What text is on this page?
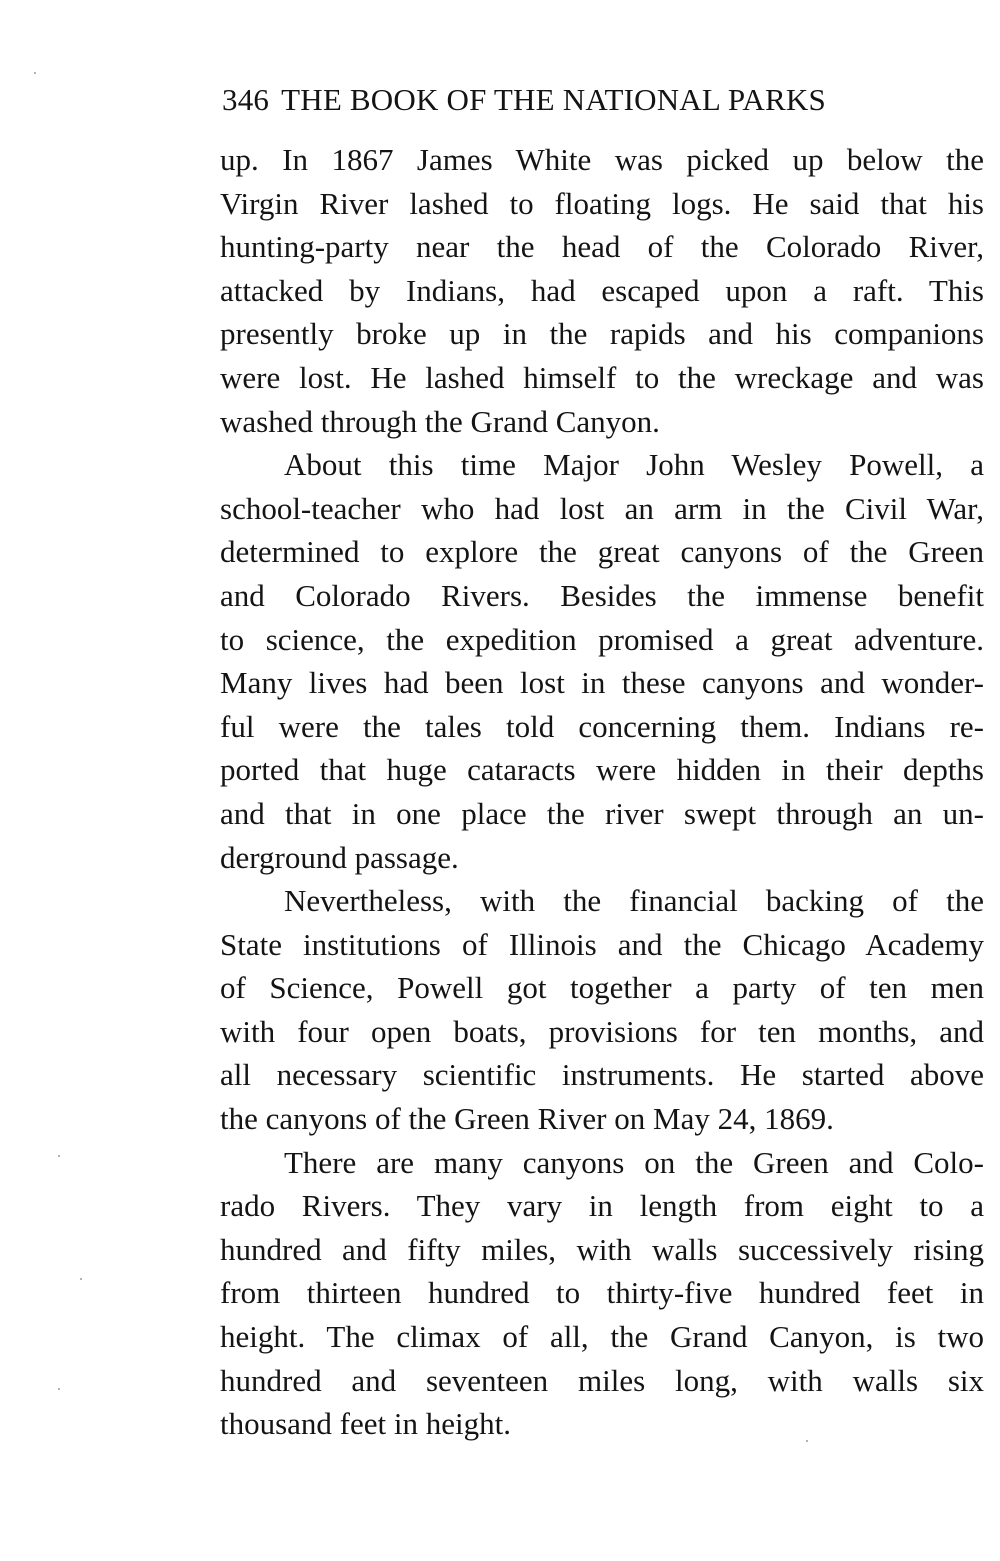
346 THE BOOK OF THE NATIONAL PARKS
up. In 1867 James White was picked up below the
Virgin River lashed to floating logs. He said that his
hunting-party near the head of the Colorado River,
attacked by Indians, had escaped upon a raft. This
presently broke up in the rapids and his companions
were lost. He lashed himself to the wreckage and was
washed through the Grand Canyon.
About this time Major John Wesley Powell, a
school-teacher who had lost an arm in the Civil War,
determined to explore the great canyons of the Green
and Colorado Rivers. Besides the immense benefit
to science, the expedition promised a great adventure.
Many lives had been lost in these canyons and wonder-
ful were the tales told concerning them. Indians re-
ported that huge cataracts were hidden in their depths
and that in one place the river swept through an un-
derground passage.
Nevertheless, with the financial backing of the
State institutions of Illinois and the Chicago Academy
of Science, Powell got together a party of ten men
with four open boats, provisions for ten months, and
all necessary scientific instruments. He started above
the canyons of the Green River on May 24, 1869.
There are many canyons on the Green and Colo-
rado Rivers. They vary in length from eight to a
hundred and fifty miles, with walls successively rising
from thirteen hundred to thirty-five hundred feet in
height. The climax of all, the Grand Canyon, is two
hundred and seventeen miles long, with walls six
thousand feet in height.
